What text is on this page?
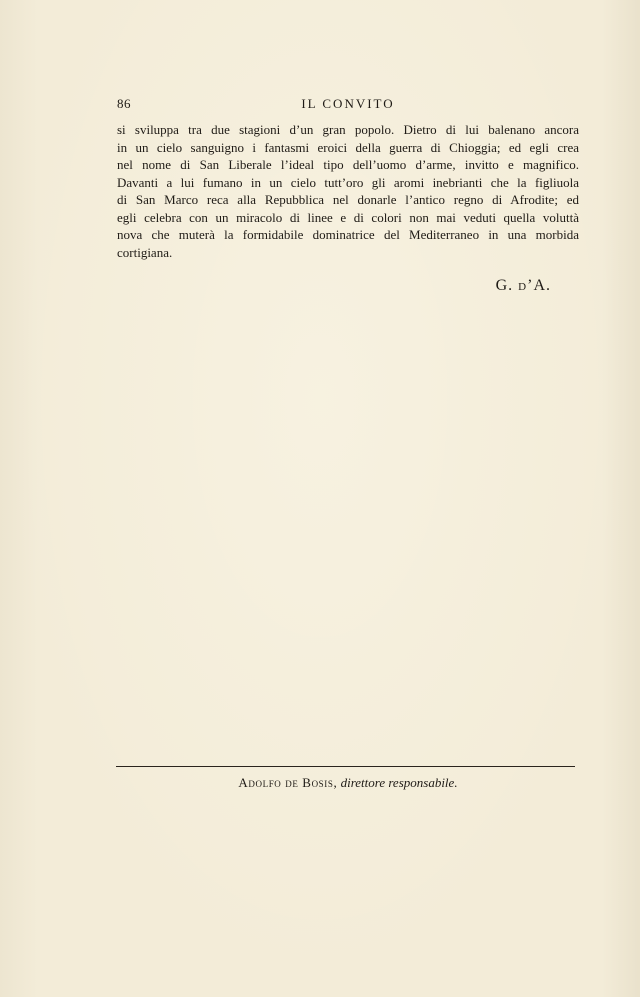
86	IL CONVITO
si sviluppa tra due stagioni d’un gran popolo. Dietro di lui balenano ancora
in un cielo sanguigno i fantasmi eroici della guerra di Chioggia; ed egli crea
nel nome di San Liberale l’ideal tipo dell’uomo d’arme, invitto e magnifico.
Davanti a lui fumano in un cielo tutt’oro gli aromi inebrianti che la figliuola
di San Marco reca alla Repubblica nel donarle l’antico regno di Afrodite; ed
egli celebra con un miracolo di linee e di colori non mai veduti quella voluttà
nova che muterà la formidabile dominatrice del Mediterraneo in una morbida
cortigiana.
G. d’A.
Adolfo de Bosis, direttore responsabile.
